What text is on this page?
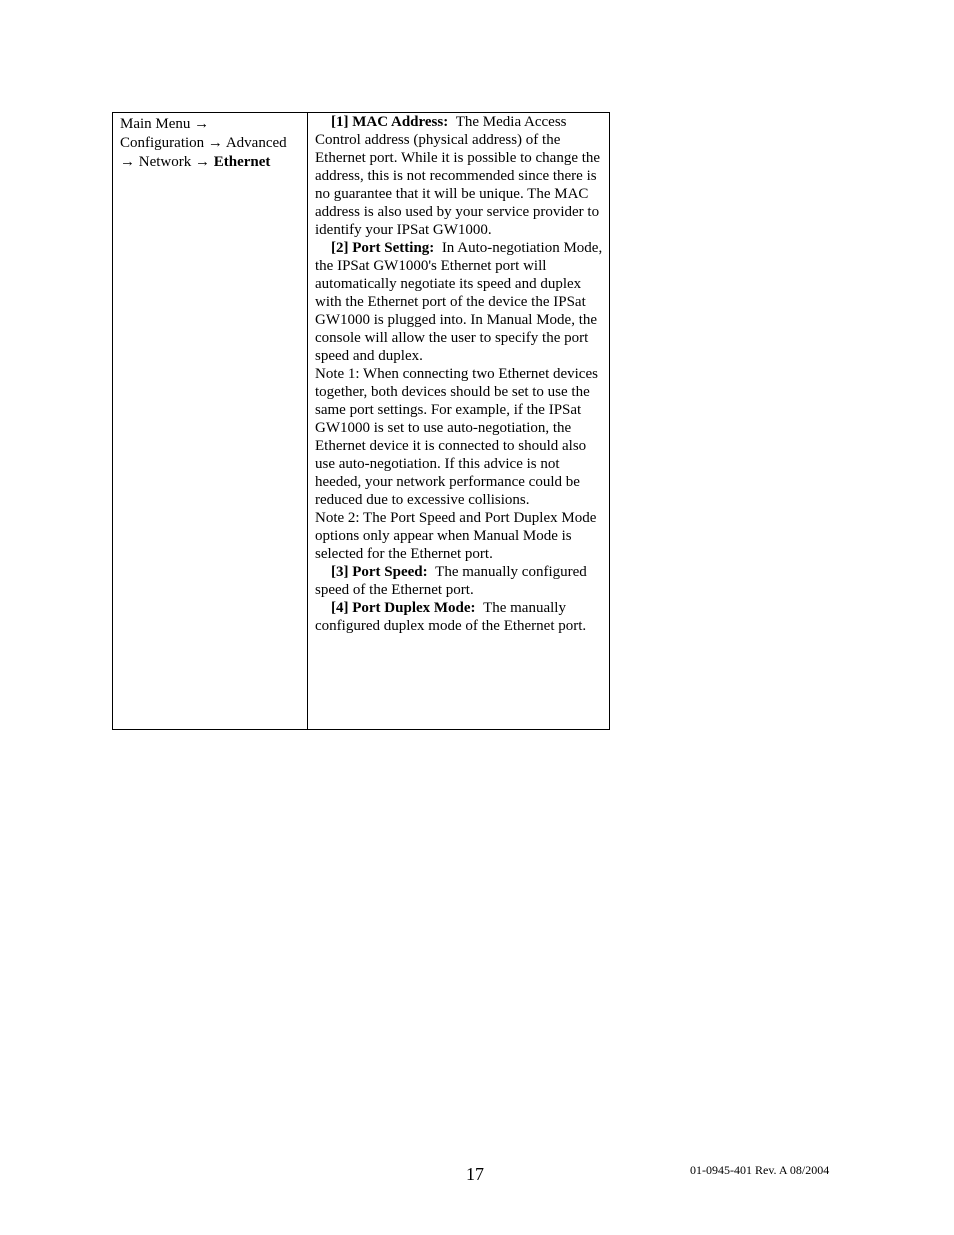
Main Menu →
Configuration → Advanced
→ Network → Ethernet

[1] MAC Address: The Media Access Control address (physical address) of the Ethernet port. While it is possible to change the address, this is not recommended since there is no guarantee that it will be unique. The MAC address is also used by your service provider to identify your IPSat GW1000.

[2] Port Setting: In Auto-negotiation Mode, the IPSat GW1000's Ethernet port will automatically negotiate its speed and duplex with the Ethernet port of the device the IPSat GW1000 is plugged into. In Manual Mode, the console will allow the user to specify the port speed and duplex.

Note 1: When connecting two Ethernet devices together, both devices should be set to use the same port settings. For example, if the IPSat GW1000 is set to use auto-negotiation, the Ethernet device it is connected to should also use auto-negotiation. If this advice is not heeded, your network performance could be reduced due to excessive collisions.

Note 2: The Port Speed and Port Duplex Mode options only appear when Manual Mode is selected for the Ethernet port.

[3] Port Speed: The manually configured speed of the Ethernet port.

[4] Port Duplex Mode: The manually configured duplex mode of the Ethernet port.

17	01-0945-401 Rev. A 08/2004
